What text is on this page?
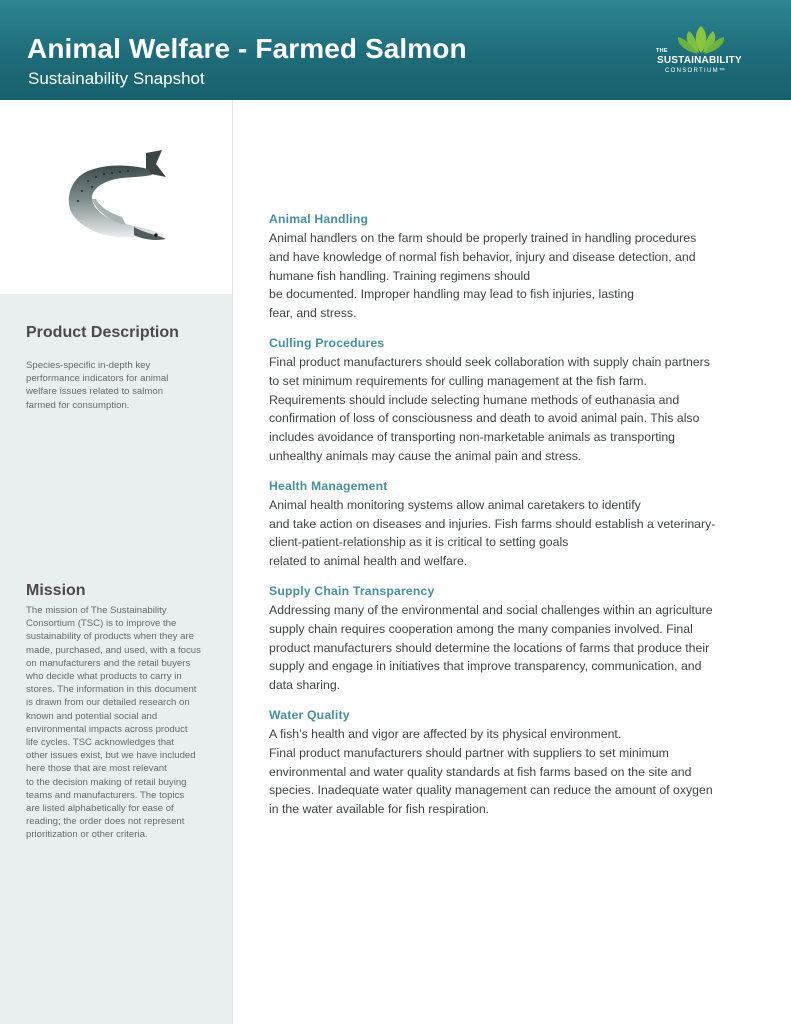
Animal Welfare - Farmed Salmon
Sustainability Snapshot
THE
SUSTAINABILITY
CONSORTIUM™
Product Description

Species-specific in-depth key
performance indicators for animal
welfare issues related to salmon
farmed for consumption.

Mission

The mission of The Sustainability
Consortium (TSC) is to improve the
sustainability of products when they are
made, purchased, and used, with a focus
on manufacturers and the retail buyers
who decide what products to carry in
stores. The information in this document
is drawn from our detailed research on
known and potential social and
environmental impacts across product
life cycles. TSC acknowledges that
other issues exist, but we have included
here those that are most relevant
to the decision making of retail buying
teams and manufacturers. The topics
are listed alphabetically for ease of
reading; the order does not represent
prioritization or other criteria.

Animal Handling
Animal handlers on the farm should be properly trained in handling procedures
and have knowledge of normal fish behavior, injury and disease detection, and
humane fish handling. Training regimens should
be documented. Improper handling may lead to fish injuries, lasting
fear, and stress.
Culling Procedures
Final product manufacturers should seek collaboration with supply chain partners
to set minimum requirements for culling management at the fish farm.
Requirements should include selecting humane methods of euthanasia and
confirmation of loss of consciousness and death to avoid animal pain. This also
includes avoidance of transporting non-marketable animals as transporting
unhealthy animals may cause the animal pain and stress.
Health Management
Animal health monitoring systems allow animal caretakers to identify
and take action on diseases and injuries. Fish farms should establish a veterinary-
client-patient-relationship as it is critical to setting goals
related to animal health and welfare.
Supply Chain Transparency
Addressing many of the environmental and social challenges within an agriculture
supply chain requires cooperation among the many companies involved. Final
product manufacturers should determine the locations of farms that produce their
supply and engage in initiatives that improve transparency, communication, and
data sharing.
Water Quality
A fish’s health and vigor are affected by its physical environment.
Final product manufacturers should partner with suppliers to set minimum
environmental and water quality standards at fish farms based on the site and
species. Inadequate water quality management can reduce the amount of oxygen
in the water available for fish respiration.
